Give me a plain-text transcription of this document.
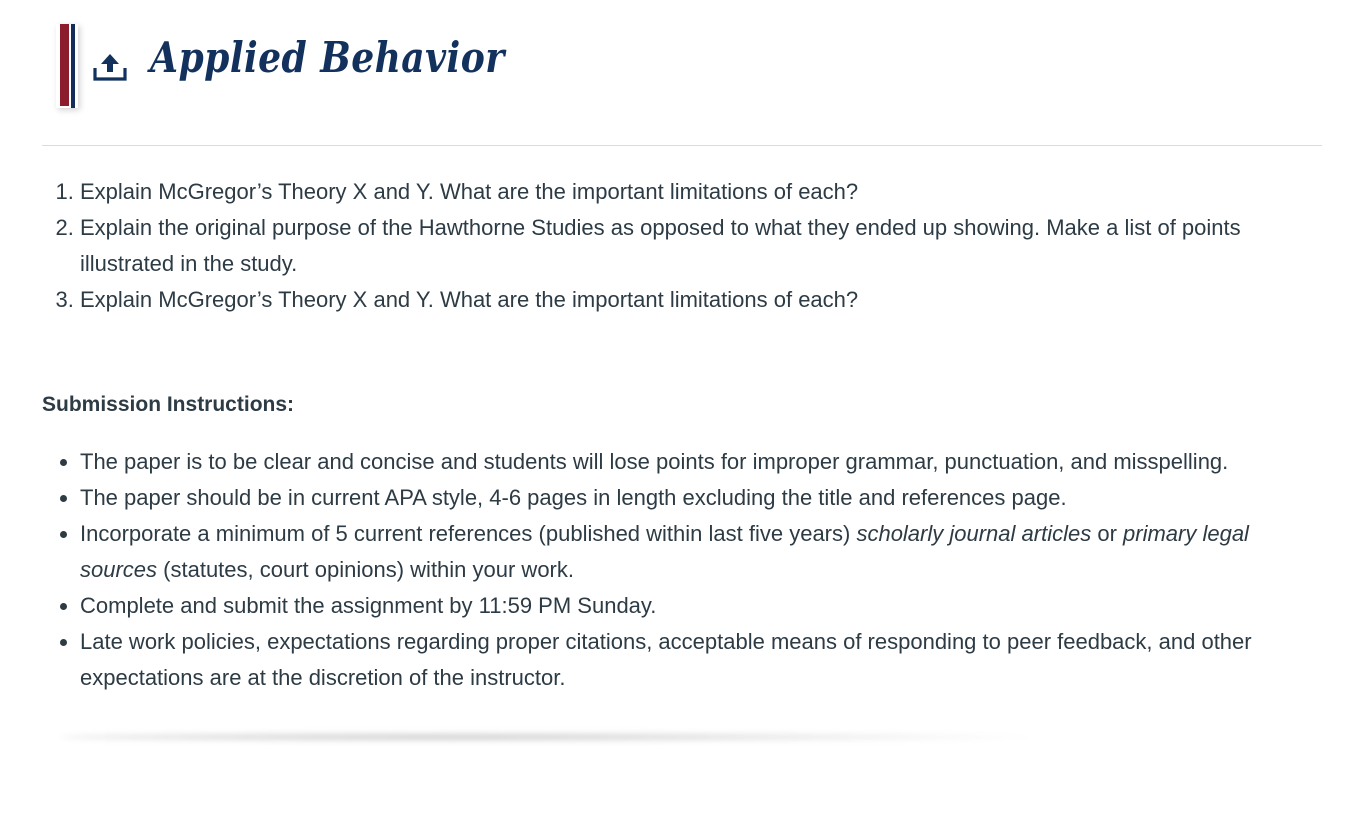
Applied Behavior
1. Explain McGregor’s Theory X and Y. What are the important limitations of each?
2. Explain the original purpose of the Hawthorne Studies as opposed to what they ended up showing. Make a list of points illustrated in the study.
3. Explain McGregor’s Theory X and Y. What are the important limitations of each?

Submission Instructions:

• The paper is to be clear and concise and students will lose points for improper grammar, punctuation, and misspelling.
• The paper should be in current APA style, 4-6 pages in length excluding the title and references page.
• Incorporate a minimum of 5 current references (published within last five years) scholarly journal articles or primary legal sources (statutes, court opinions) within your work.
• Complete and submit the assignment by 11:59 PM Sunday.
• Late work policies, expectations regarding proper citations, acceptable means of responding to peer feedback, and other expectations are at the discretion of the instructor.
